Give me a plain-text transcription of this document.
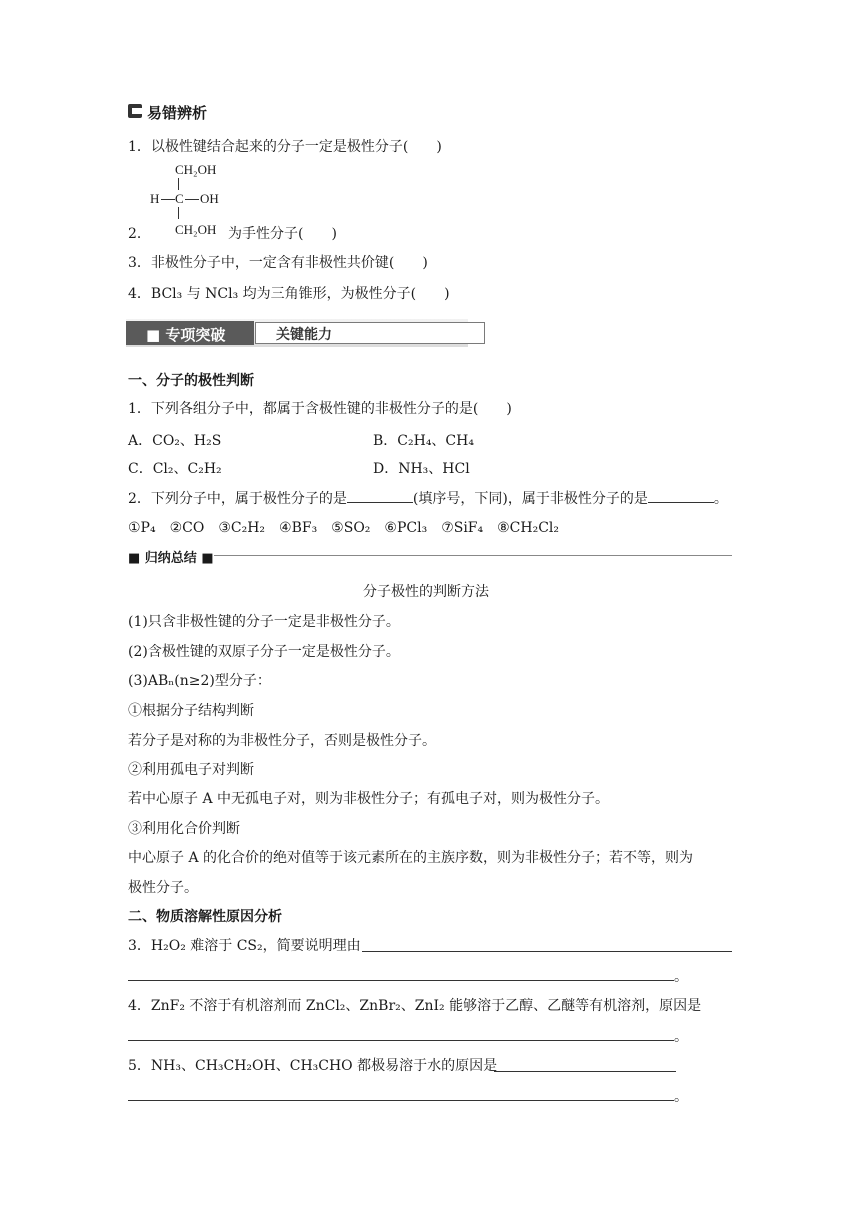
易错辨析
1．以极性键结合起来的分子一定是极性分子(　　)
CH₂OH
H C OH
CH₂OH
2．	为手性分子(　　)
3．非极性分子中，一定含有非极性共价键(　　)
4．BCl₃ 与 NCl₃ 均为三角锥形，为极性分子(　　)
■ 专项突破	关键能力
一、分子的极性判断
1．下列各组分子中，都属于含极性键的非极性分子的是(　　)
A．CO₂、H₂S	B．C₂H₄、CH₄
C．Cl₂、C₂H₂	D．NH₃、HCl
2．下列分子中，属于极性分子的是	(填序号，下同)，属于非极性分子的是	。
①P₄　②CO　③C₂H₂　④BF₃　⑤SO₂　⑥PCl₃　⑦SiF₄　⑧CH₂Cl₂
■ 归纳总结 ■
分子极性的判断方法
(1)只含非极性键的分子一定是非极性分子。
(2)含极性键的双原子分子一定是极性分子。
(3)ABₙ(n≥2)型分子：
①根据分子结构判断
若分子是对称的为非极性分子，否则是极性分子。
②利用孤电子对判断
若中心原子 A 中无孤电子对，则为非极性分子；有孤电子对，则为极性分子。
③利用化合价判断
中心原子 A 的化合价的绝对值等于该元素所在的主族序数，则为非极性分子；若不等，则为
极性分子。
二、物质溶解性原因分析
3．H₂O₂ 难溶于 CS₂，简要说明理由
。
4．ZnF₂ 不溶于有机溶剂而 ZnCl₂、ZnBr₂、ZnI₂ 能够溶于乙醇、乙醚等有机溶剂，原因是
。
5．NH₃、CH₃CH₂OH、CH₃CHO 都极易溶于水的原因是
。
